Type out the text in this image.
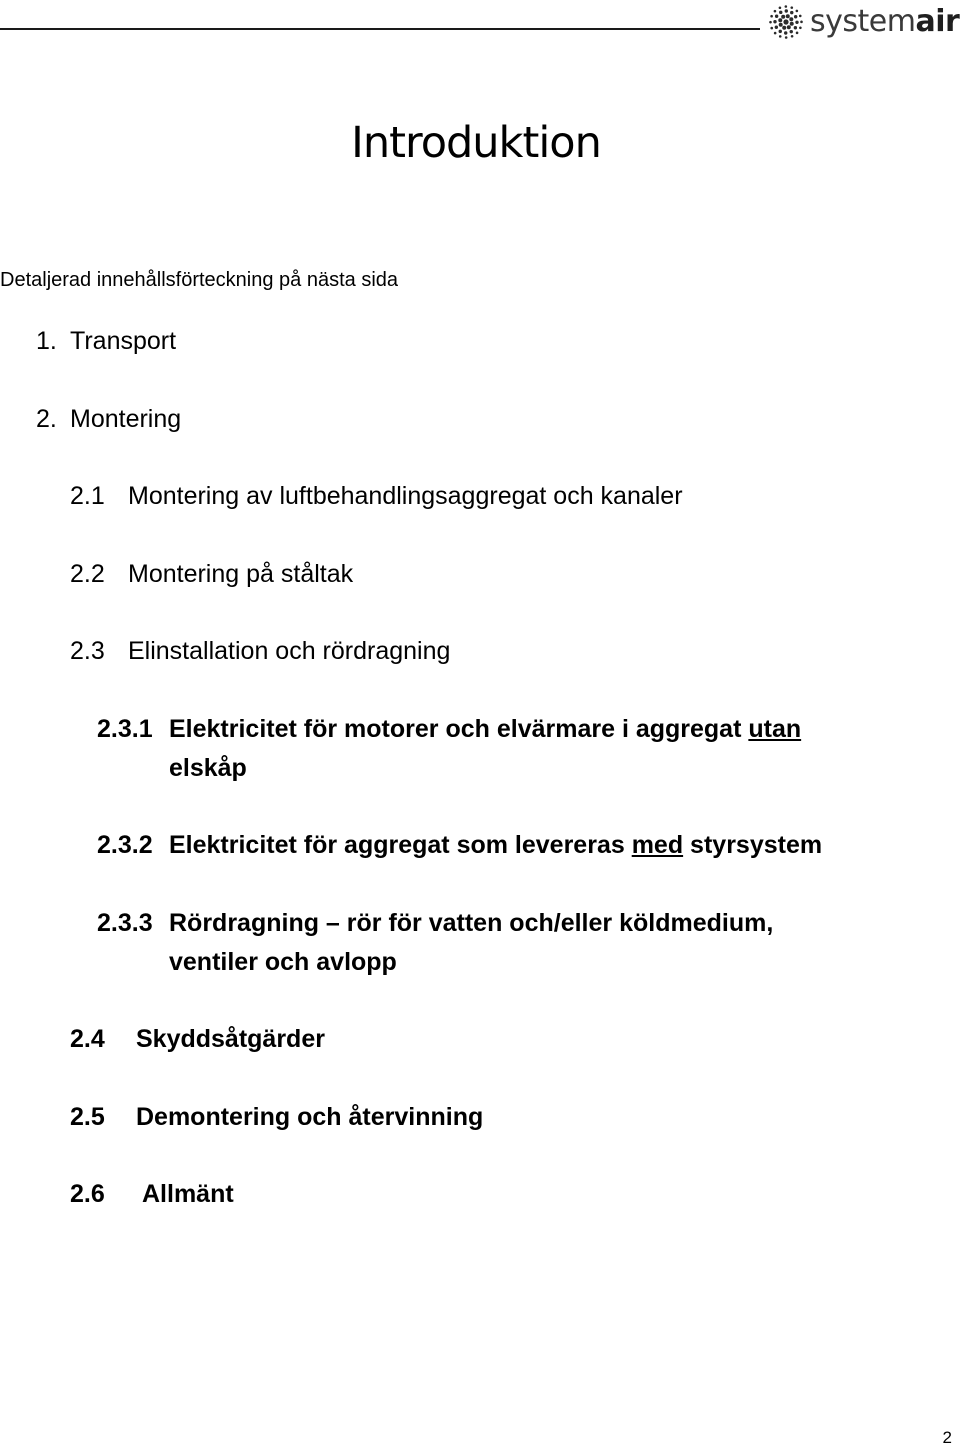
systemair
Introduktion
Detaljerad innehållsförteckning på nästa sida
1. Transport
2. Montering
2.1 Montering av luftbehandlingsaggregat och kanaler
2.2 Montering på ståltak
2.3 Elinstallation och rördragning
2.3.1 Elektricitet för motorer och elvärmare i aggregat utan
elskåp
2.3.2 Elektricitet för aggregat som levereras med styrsystem
2.3.3 Rördragning – rör för vatten och/eller köldmedium,
ventiler och avlopp
2.4 Skyddsåtgärder
2.5 Demontering och återvinning
2.6 Allmänt
2
